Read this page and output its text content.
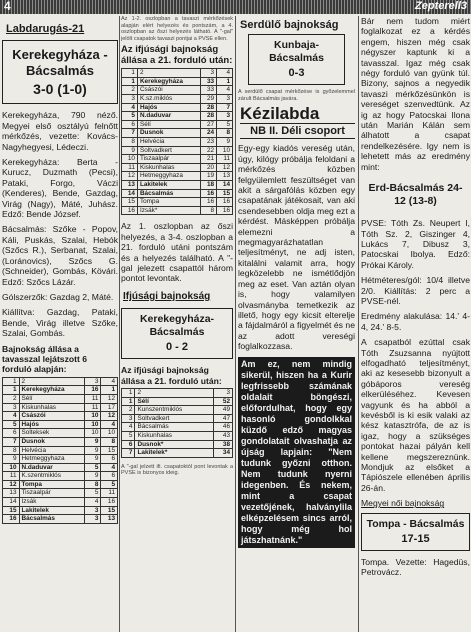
4	Zepterell3
Labdarugás-21
Kerekegyháza - Bácsalmás
3-0 (1-0)

Kerekegyháza, 790 néző. Megyei első osztályú felnőtt mérkőzés, vezette: Kovács-Nagyhegyesi, Lédeczi.

Kerekegyháza: Berta - Kurucz, Duzmath (Pecsi), Pataki, Forgo, Váczi (Kenderes), Bende, Gazdag, Virág (Nagy), Máté, Juhász. Edző: Bende József.

Bácsalmás: Szőke - Popov, Káli, Puskás, Szalai, Hebók (Szőcs R.), Serbanat, Szalai, (Loránovics), Szőcs G. (Schneider), Gombás, Kövári. Edző: Szőcs Lázár.

Gólszerzők: Gazdag 2, Máté.

Kiállítva: Gazdag, Pataki, Bende, Virág illetve Szőke, Szalai, Gombás.

Bajnokság állása a tavasszal lejátszott 6 forduló alapján:
1	2	3	4
1	Kerekegyháza	16	1
2	Sélí	11	12
3	Kiskunhalas	11	17
4	Császói	10	12
5	Hajós	10	4
6	Solteksek	10	10
7	Dusnok	9	8
8	Helvécia	9	15
9	Hetmeggyhaza	9	6
10	N.daduvar	5	4
11	K.szentmiklós	9	6
12	Tompa	8	5
13	Tiszaalpár	5	11
14	Izsák	4	16
15	Lakitelek	3	15
16	Bácsalmás	3	13
Az 1-2. oszlopban a tavaszi mérkőzések alapján elért helyezés és pontszám, a 4. oszlopban az őszi helyezés látható. A "-gal" jelölt csapatok tavaszi pontjai a PVSE ellen.
Az ifjúsági bajnokság állása a 21. forduló után:
1	2	3	4
1	Kerekegyháza	33	1
2	Császói	33	4
3	K.sz.miklós	29	3
4	Hajós	28	7
5	N.daduvar	28	3
6	Sélí	27	5
7	Dusnok	24	8
8	Helvécia	23	9
9	Soltvadkert	22	10
10	Tiszaalpár	21	11
11	Kiskunhalas	20	12
12	Hetmeggyhaza	19	13
13	Lakitelek	18	14
14	Bácsalmás	16	15
15	Tompa	16	16
16	Izsák*	8	16

Az 1. oszlopban az őszi helyezés, a 3-4. oszlopban a 21. forduló utáni pontszám és a helyezés található. A "-gal jelezett csapattól három pontot levontak.

Ifjúsági bajnokság
Kerekegyháza-Bácsalmás
0 - 2
Az ifjúsági bajnokság állása a 21. forduló után:
1	2	3
1	Sélí	52
2	Kunszentmiklós	49
3	Soltvadkert	47
4	Bácsalmás	46
5	Kiskunhalas	43
6	Dusnok*	38
7	Lakitelek*	34
A "-gal jelzett ifi. csapatoktól pont levontak a PVSE is bizonyos ideig.
Serdülő bajnokság
Kunbaja-Bácsalmás
0-3
A serdülő csapat mérkőzése is győzelemmel zárult Bácsalmás javára.
Kézilabda
NB II. Déli csoport

Egy-egy kiadós vereség után, úgy, kilógy próbálja feloldani a mérkőzés közben felgyülemlett feszültséget van akit a sárgafólás közben egy csapatának játékosait, van aki csendesebben oldja meg ezt a kérdést. Másképpen próbálja elemezni a megmagyarázhatatlan teljesítményt, ne adj isten, kitalálni valamit arra, hogy legközelebb ne ismétlődjön meg az eset. Van aztán olyan is, hogy valamilyen olvasmányba temetkezik az illető, hogy egy kicsit elterelje a fájdalmáról a figyelmét és ne az adott vereségi foglalkozzasa.

Am ez, nem mindig sikerül, hiszen ha a Kurir legfrissebb számának oldalait böngészi, előfordulhat, hogy egy hasonló gondolkkal küzdő edző magyas gondolatait olvashatja az újság lapjain: "Nem tudunk győzni otthon. Nem tudunk nyerni idegenben. És nekem, mint a csapat vezetőjének, halványlila elképzelésem sincs arról, hogy még hol játszhatnánk."

Bár nem tudom miért foglalkozat ez a kérdés engem, hiszen még csak négyszer kaptunk ki a tavasszal. Igaz még csak négy forduló van gyünk túl. Bizony, sajnos a negyedik tavaszi mérkőzésünkön is vereséget szenvedtünk. Az ig az hogy Patocskai Ilona után Marián Kálán sem álhatott a csapat rendelkezésére. Igy nem is lehetett más az eredmény mint:

Erd-Bácsalmás 24-12 (13-8)

PVSE: Tóth Zs. Neupert I, Tóth Sz. 2, Giszinger 4, Lukács 7, Dibusz 3, Patocskai Ibolya. Edző: Prókai Károly.

Hétméteres/gól: 10/4 illetve 2/0. Kiállítás: 2 perc a PVSE-nél.

Eredmény alakulása: 14.' 4-4, 24.' 8-5.

A csapatból ezúttal csak Tóth Zsuzsanna nyújtott elfogadható teljesítményt, aki az kesesebb bizonyult a góbáporos vereség elkerüléséhez. Kevesen vagyunk és ha abból a kevésből is ki esik valaki az kész katasztrófa, de az is igaz, hogy a szükséges pontokat hazai pályán kell kellene megszereznünk. Mondjuk az elsőket a Tápiószele ellenében április 26-án.

Megyei női bajnokság
Tompa - Bácsalmás
17-15

Tompa. Vezette: Hagedüs, Petrovácz.
